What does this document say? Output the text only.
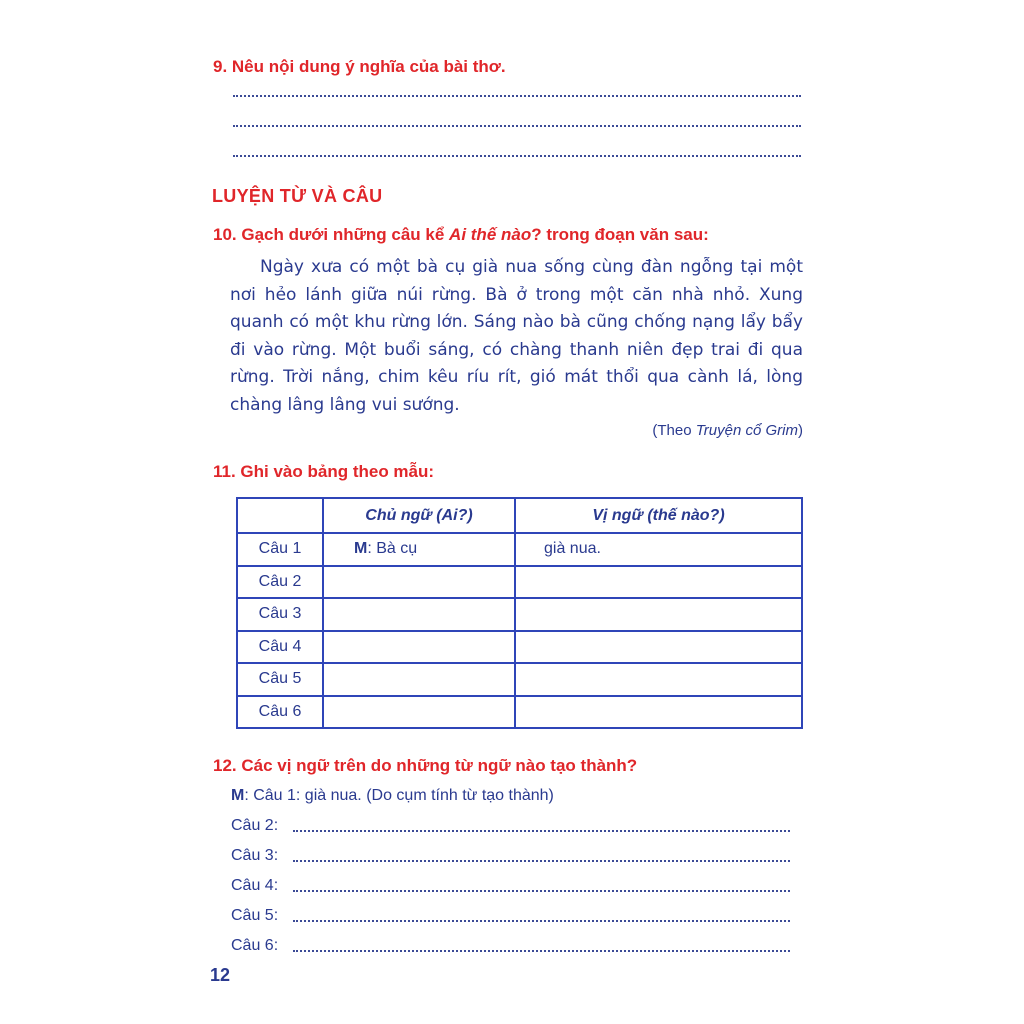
9. Nêu nội dung ý nghĩa của bài thơ.
LUYỆN TỪ VÀ CÂU
10. Gạch dưới những câu kể Ai thế nào? trong đoạn văn sau:
Ngày xưa có một bà cụ già nua sống cùng đàn ngỗng tại một nơi hẻo lánh giữa núi rừng. Bà ở trong một căn nhà nhỏ. Xung quanh có một khu rừng lớn. Sáng nào bà cũng chống nạng lẩy bẩy đi vào rừng. Một buổi sáng, có chàng thanh niên đẹp trai đi qua rừng. Trời nắng, chim kêu ríu rít, gió mát thổi qua cành lá, lòng chàng lâng lâng vui sướng.
(Theo Truyện cổ Grim)
11. Ghi vào bảng theo mẫu:
	Chủ ngữ (Ai?)	Vị ngữ (thế nào?)
Câu 1	M: Bà cụ	già nua.
Câu 2		
Câu 3		
Câu 4		
Câu 5		
Câu 6		
12. Các vị ngữ trên do những từ ngữ nào tạo thành?
M: Câu 1: già nua. (Do cụm tính từ tạo thành)
Câu 2:
Câu 3:
Câu 4:
Câu 5:
Câu 6:
12
